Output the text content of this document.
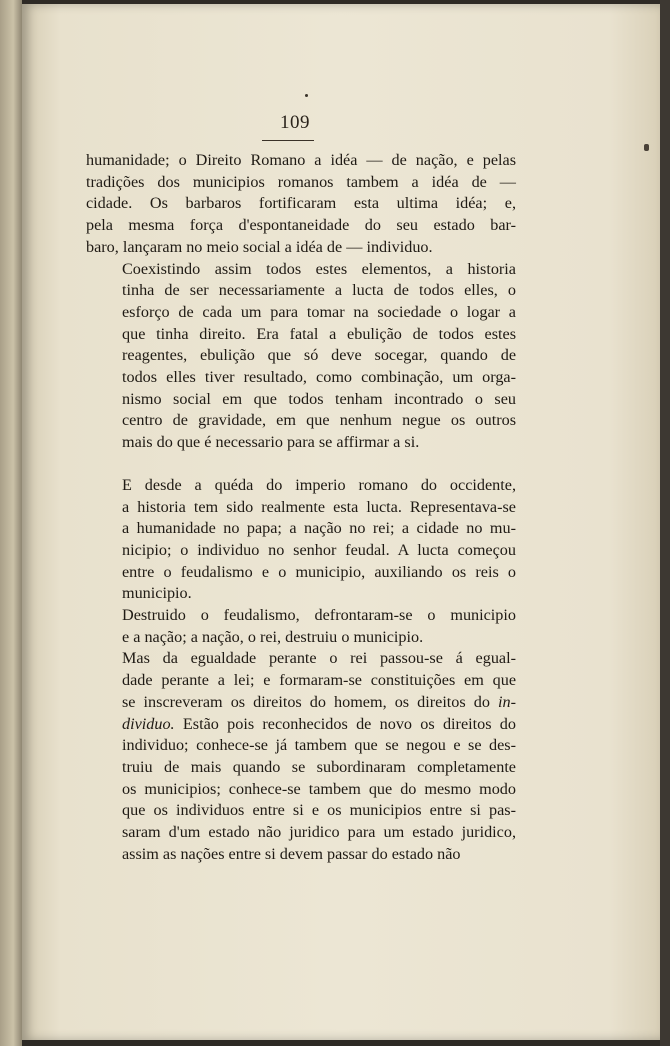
109

humanidade; o Direito Romano a idéa — de nação, e pelas
tradições dos municipios romanos tambem a idéa de —
cidade. Os barbaros fortificaram esta ultima idéa; e,
pela mesma força d'espontaneidade do seu estado bar-
baro, lançaram no meio social a idéa de — individuo.

Coexistindo assim todos estes elementos, a historia
tinha de ser necessariamente a lucta de todos elles, o
esforço de cada um para tomar na sociedade o logar a
que tinha direito. Era fatal a ebulição de todos estes
reagentes, ebulição que só deve socegar, quando de
todos elles tiver resultado, como combinação, um orga-
nismo social em que todos tenham incontrado o seu
centro de gravidade, em que nenhum negue os outros
mais do que é necessario para se affirmar a si.

E desde a quéda do imperio romano do occidente,
a historia tem sido realmente esta lucta. Representava-se
a humanidade no papa; a nação no rei; a cidade no mu-
nicipio; o individuo no senhor feudal. A lucta começou
entre o feudalismo e o municipio, auxiliando os reis o
municipio.

Destruido o feudalismo, defrontaram-se o municipio
e a nação; a nação, o rei, destruiu o municipio.

Mas da egualdade perante o rei passou-se á egual-
dade perante a lei; e formaram-se constituições em que
se inscreveram os direitos do homem, os direitos do in-
dividuo. Estão pois reconhecidos de novo os direitos do
individuo; conhece-se já tambem que se negou e se des-
truiu de mais quando se subordinaram completamente
os municipios; conhece-se tambem que do mesmo modo
que os individuos entre si e os municipios entre si pas-
saram d'um estado não juridico para um estado juridico,
assim as nações entre si devem passar do estado não
